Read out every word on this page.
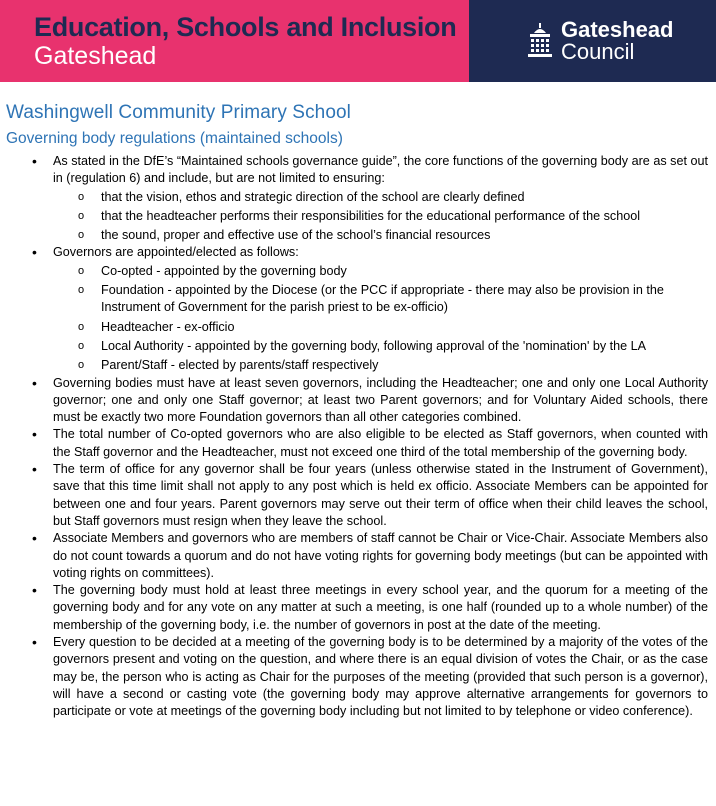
Education, Schools and Inclusion
Gateshead
Gateshead
Council
Washingwell Community Primary School
Governing body regulations (maintained schools)
• As stated in the DfE’s “Maintained schools governance guide”, the core functions of the governing body are as set out in (regulation 6) and include, but are not limited to ensuring:
o that the vision, ethos and strategic direction of the school are clearly defined
o that the headteacher performs their responsibilities for the educational performance of the school
o the sound, proper and effective use of the school’s financial resources
• Governors are appointed/elected as follows:
o Co-opted - appointed by the governing body
o Foundation - appointed by the Diocese (or the PCC if appropriate - there may also be provision in the Instrument of Government for the parish priest to be ex-officio)
o Headteacher - ex-officio
o Local Authority - appointed by the governing body, following approval of the 'nomination' by the LA
o Parent/Staff - elected by parents/staff respectively
• Governing bodies must have at least seven governors, including the Headteacher; one and only one Local Authority governor; one and only one Staff governor; at least two Parent governors; and for Voluntary Aided schools, there must be exactly two more Foundation governors than all other categories combined.
• The total number of Co-opted governors who are also eligible to be elected as Staff governors, when counted with the Staff governor and the Headteacher, must not exceed one third of the total membership of the governing body.
• The term of office for any governor shall be four years (unless otherwise stated in the Instrument of Government), save that this time limit shall not apply to any post which is held ex officio. Associate Members can be appointed for between one and four years. Parent governors may serve out their term of office when their child leaves the school, but Staff governors must resign when they leave the school.
• Associate Members and governors who are members of staff cannot be Chair or Vice-Chair. Associate Members also do not count towards a quorum and do not have voting rights for governing body meetings (but can be appointed with voting rights on committees).
• The governing body must hold at least three meetings in every school year, and the quorum for a meeting of the governing body and for any vote on any matter at such a meeting, is one half (rounded up to a whole number) of the membership of the governing body, i.e. the number of governors in post at the date of the meeting.
• Every question to be decided at a meeting of the governing body is to be determined by a majority of the votes of the governors present and voting on the question, and where there is an equal division of votes the Chair, or as the case may be, the person who is acting as Chair for the purposes of the meeting (provided that such person is a governor), will have a second or casting vote (the governing body may approve alternative arrangements for governors to participate or vote at meetings of the governing body including but not limited to by telephone or video conference).
